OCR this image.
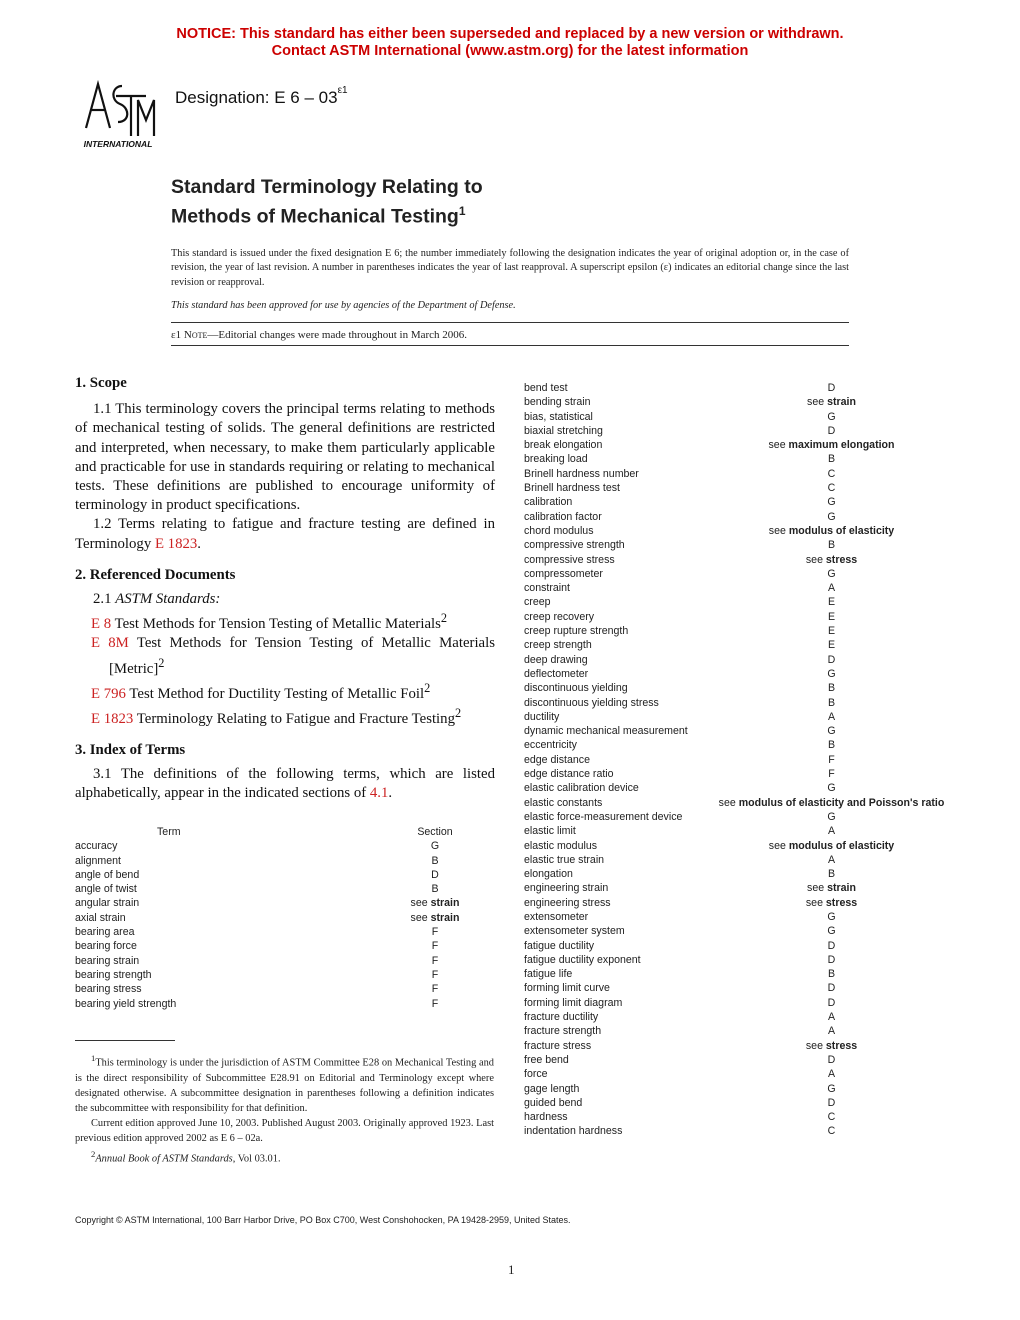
NOTICE: This standard has either been superseded and replaced by a new version or withdrawn.
Contact ASTM International (www.astm.org) for the latest information
INTERNATIONAL
Designation: E $6 - 03^{\varepsilon 1}$
Standard Terminology Relating to
Methods of Mechanical Testing$^1$
This standard is issued under the fixed designation E 6; the number immediately following the designation indicates the year of original adoption or, in the case of revision, the year of last revision. A number in parentheses indicates the year of last reapproval. A superscript epsilon (ε) indicates an editorial change since the last revision or reapproval.
This standard has been approved for use by agencies of the Department of Defense.
ε1 Note—Editorial changes were made throughout in March 2006.
1. Scope

1.1 This terminology covers the principal terms relating to methods of mechanical testing of solids. The general definitions are restricted and interpreted, when necessary, to make them particularly applicable and practicable for use in standards requiring or relating to mechanical tests. These definitions are published to encourage uniformity of terminology in product specifications.

1.2 Terms relating to fatigue and fracture testing are defined in Terminology E 1823.

2. Referenced Documents

2.1 ASTM Standards:

E 8 Test Methods for Tension Testing of Metallic Materials$^2$

E 8M Test Methods for Tension Testing of Metallic Materials [Metric]$^2$

E 796 Test Method for Ductility Testing of Metallic Foil$^2$

E 1823 Terminology Relating to Fatigue and Fracture Testing$^2$

3. Index of Terms

3.1 The definitions of the following terms, which are listed alphabetically, appear in the indicated sections of 4.1.

Term	Section
accuracy	G
alignment	B
angle of bend	D
angle of twist	B
angular strain	see strain
axial strain	see strain
bearing area	F
bearing force	F
bearing strain	F
bearing strength	F
bearing stress	F
bearing yield strength	F
bend test	D
bending strain	see strain
bias, statistical	G
biaxial stretching	D
break elongation	see maximum elongation
breaking load	B
Brinell hardness number	C
Brinell hardness test	C
calibration	G
calibration factor	G
chord modulus	see modulus of elasticity
compressive strength	B
compressive stress	see stress
compressometer	G
constraint	A
creep	E
creep recovery	E
creep rupture strength	E
creep strength	E
deep drawing	D
deflectometer	G
discontinuous yielding	B
discontinuous yielding stress	B
ductility	A
dynamic mechanical measurement	G
eccentricity	B
edge distance	F
edge distance ratio	F
elastic calibration device	G
elastic constants	see modulus of elasticity and Poisson's ratio
elastic force-measurement device	G
elastic limit	A
elastic modulus	see modulus of elasticity
elastic true strain	A
elongation	B
engineering strain	see strain
engineering stress	see stress
extensometer	G
extensometer system	G
fatigue ductility	D
fatigue ductility exponent	D
fatigue life	B
forming limit curve	D
forming limit diagram	D
fracture ductility	A
fracture strength	A
fracture stress	see stress
free bend	D
force	A
gage length	G
guided bend	D
hardness	C
indentation hardness	C

$^1$This terminology is under the jurisdiction of ASTM Committee E28 on Mechanical Testing and is the direct responsibility of Subcommittee E28.91 on Editorial and Terminology except where designated otherwise. A subcommittee designation in parentheses following a definition indicates the subcommittee with responsibility for that definition.

Current edition approved June 10, 2003. Published August 2003. Originally approved 1923. Last previous edition approved 2002 as E 6 – 02a.

$^2$Annual Book of ASTM Standards, Vol 03.01.

Copyright © ASTM International, 100 Barr Harbor Drive, PO Box C700, West Conshohocken, PA 19428-2959, United States.
1
